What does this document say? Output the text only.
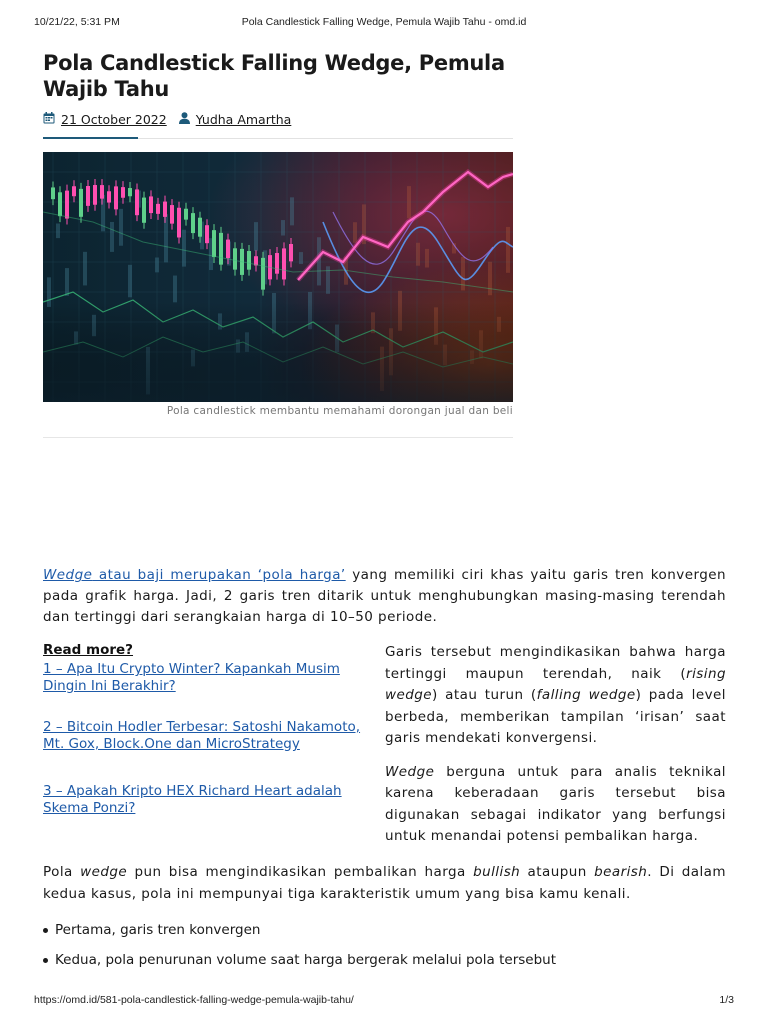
10/21/22, 5:31 PM	Pola Candlestick Falling Wedge, Pemula Wajib Tahu - omd.id
Pola Candlestick Falling Wedge, Pemula Wajib Tahu
21 October 2022 Yudha Amartha
Pola candlestick membantu memahami dorongan jual dan beli

Wedge atau baji merupakan ‘pola harga’ yang memiliki ciri khas yaitu garis tren konvergen pada grafik harga. Jadi, 2 garis tren ditarik untuk menghubungkan masing-masing terendah dan tertinggi dari serangkaian harga di 10–50 periode.

Read more?
1 – Apa Itu Crypto Winter? Kapankah Musim Dingin Ini Berakhir?
2 – Bitcoin Hodler Terbesar: Satoshi Nakamoto, Mt. Gox, Block.One dan MicroStrategy
3 – Apakah Kripto HEX Richard Heart adalah Skema Ponzi?

Garis tersebut mengindikasikan bahwa harga tertinggi maupun terendah, naik (rising wedge) atau turun (falling wedge) pada level berbeda, memberikan tampilan ‘irisan’ saat garis mendekati konvergensi.

Wedge berguna untuk para analis teknikal karena keberadaan garis tersebut bisa digunakan sebagai indikator yang berfungsi untuk menandai potensi pembalikan harga.

Pola wedge pun bisa mengindikasikan pembalikan harga bullish ataupun bearish. Di dalam kedua kasus, pola ini mempunyai tiga karakteristik umum yang bisa kamu kenali.

Pertama, garis tren konvergen
Kedua, pola penurunan volume saat harga bergerak melalui pola tersebut
https://omd.id/581-pola-candlestick-falling-wedge-pemula-wajib-tahu/	1/3
